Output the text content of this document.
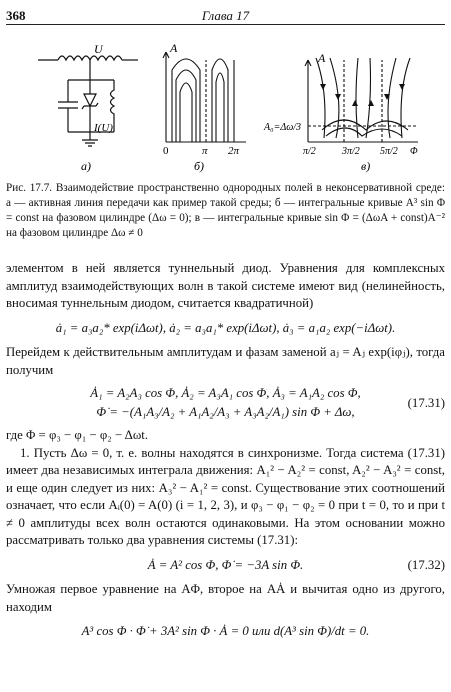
368	Глава 17
U
I(U)
а)
A
0	π 2π
б)
A
A₀=Δω/3
π/2	3π/2 5π/2 Φ
в)
Рис. 17.7. Взаимодействие пространственно однородных полей в неконсервативной среде: а — активная линия передачи как пример такой среды; б — интегральные кривые A³ sin Φ = const на фазовом цилиндре (Δω = 0); в — интегральные кривые sin Φ = (ΔωA + const)A⁻² на фазовом цилиндре Δω ≠ 0

элементом в ней является туннельный диод. Уравнения для комплексных амплитуд взаимодействующих волн в такой системе имеют вид (нелинейность, вносимая туннельным диодом, считается квадратичной)

ȧ₁ = a₃a₂* exp(iΔωt), ȧ₂ = a₃a₁* exp(iΔωt), ȧ₃ = a₁a₂ exp(−iΔωt).

Перейдем к действительным амплитудам и фазам заменой aⱼ = Aⱼ exp(iφⱼ), тогда получим

Ȧ₁ = A₂A₃ cos Φ, Ȧ₂ = A₃A₁ cos Φ, Ȧ₃ = A₁A₂ cos Φ,
Φ̇ = −(A₁A₃/A₂ + A₁A₂/A₃ + A₃A₂/A₁) sin Φ + Δω,
(17.31)

где Φ = φ₃ − φ₁ − φ₂ − Δωt.

1. Пусть Δω = 0, т. е. волны находятся в синхронизме. Тогда система (17.31) имеет два независимых интеграла движения: A₁² − A₂² = const, A₂² − A₃² = const, и еще один следует из них: A₃² − A₁² = const. Существование этих соотношений означает, что если Aᵢ(0) = A(0) (i = 1, 2, 3), и φ₃ − φ₁ − φ₂ = 0 при t = 0, то и при t ≠ 0 амплитуды всех волн остаются одинаковыми. На этом основании можно рассматривать только два уравнения системы (17.31):

Ȧ = A² cos Φ, Φ̇ = −3A sin Φ.	(17.32)

Умножая первое уравнение на AΦ, второе на AȦ и вычитая одно из другого, находим

A³ cos Φ · Φ̇ + 3A² sin Φ · Ȧ = 0 или d(A³ sin Φ)/dt = 0.
